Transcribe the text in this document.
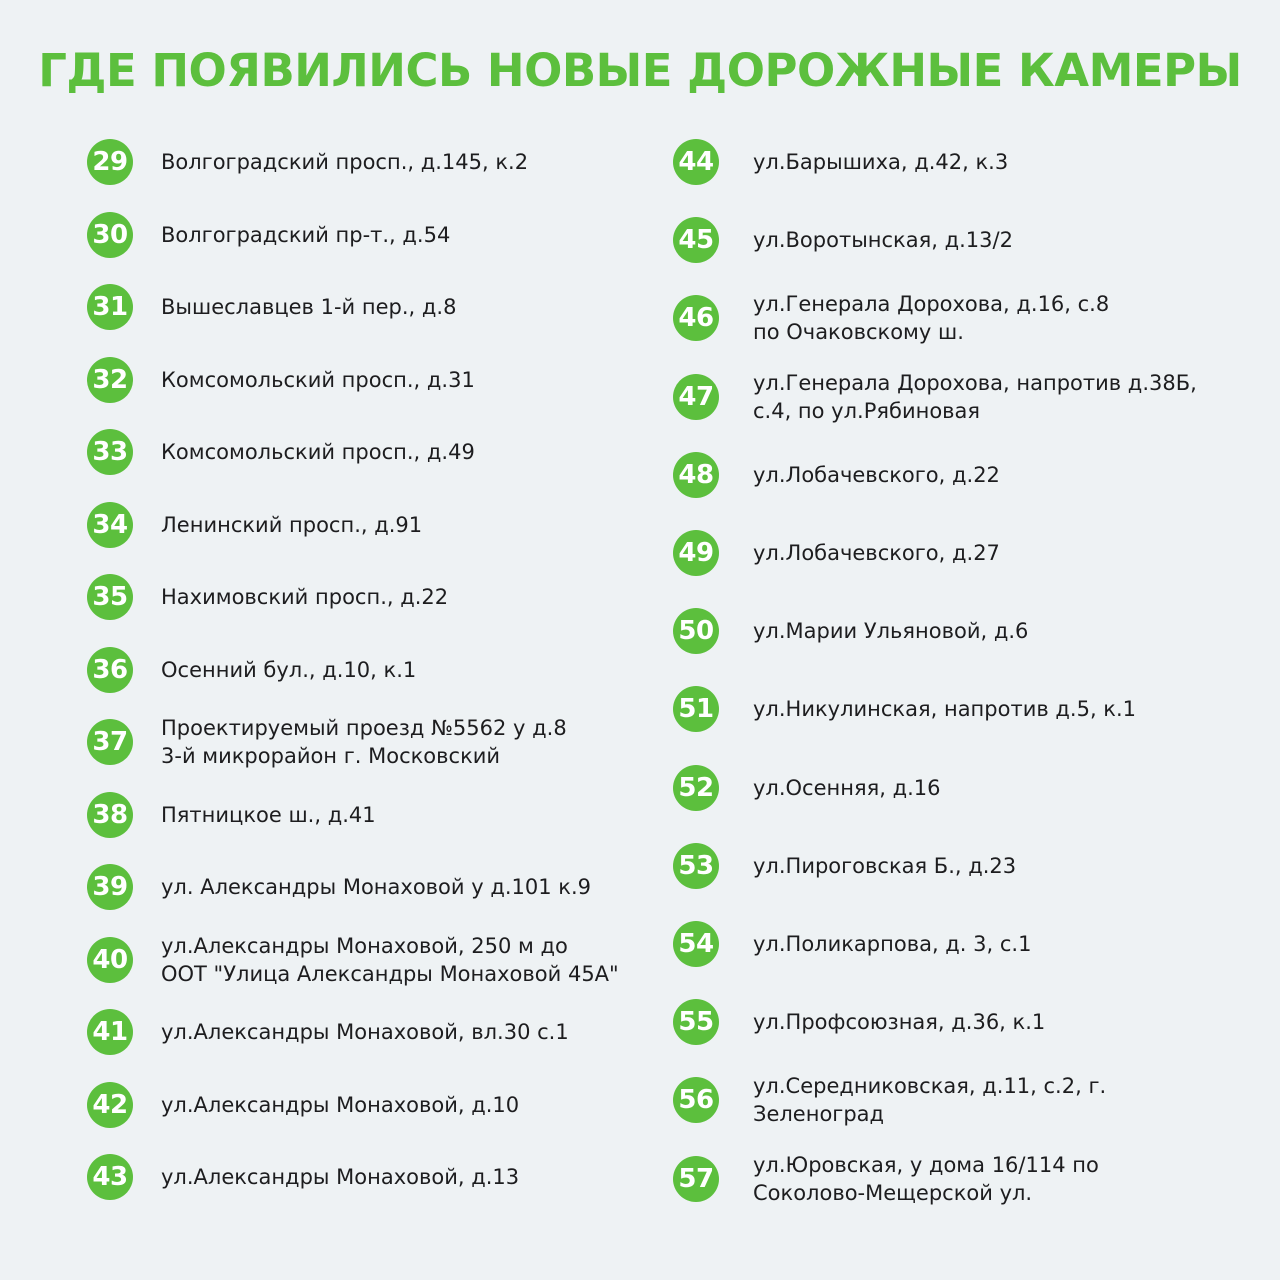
ГДЕ ПОЯВИЛИСЬ НОВЫЕ ДОРОЖНЫЕ КАМЕРЫ
29 Волгоградский просп., д.145, к.2
30 Волгоградский пр-т., д.54
31 Вышеславцев 1-й пер., д.8
32 Комсомольский просп., д.31
33 Комсомольский просп., д.49
34 Ленинский просп., д.91
35 Нахимовский просп., д.22
36 Осенний бул., д.10, к.1
37 Проектируемый проезд №5562 у д.8
3-й микрорайон г. Московский
38 Пятницкое ш., д.41
39 ул. Александры Монаховой у д.101 к.9
40 ул.Александры Монаховой, 250 м до
ООТ "Улица Александры Монаховой 45А"
41 ул.Александры Монаховой, вл.30 с.1
42 ул.Александры Монаховой, д.10
43 ул.Александры Монаховой, д.13
44 ул.Барышиха, д.42, к.3
45 ул.Воротынская, д.13/2
46 ул.Генерала Дорохова, д.16, с.8
по Очаковскому ш.
47 ул.Генерала Дорохова, напротив д.38Б,
с.4, по ул.Рябиновая
48 ул.Лобачевского, д.22
49 ул.Лобачевского, д.27
50 ул.Марии Ульяновой, д.6
51 ул.Никулинская, напротив д.5, к.1
52 ул.Осенняя, д.16
53 ул.Пироговская Б., д.23
54 ул.Поликарпова, д. 3, с.1
55 ул.Профсоюзная, д.36, к.1
56 ул.Середниковская, д.11, с.2, г.
Зеленоград
57 ул.Юровская, у дома 16/114 по
Соколово-Мещерской ул.
